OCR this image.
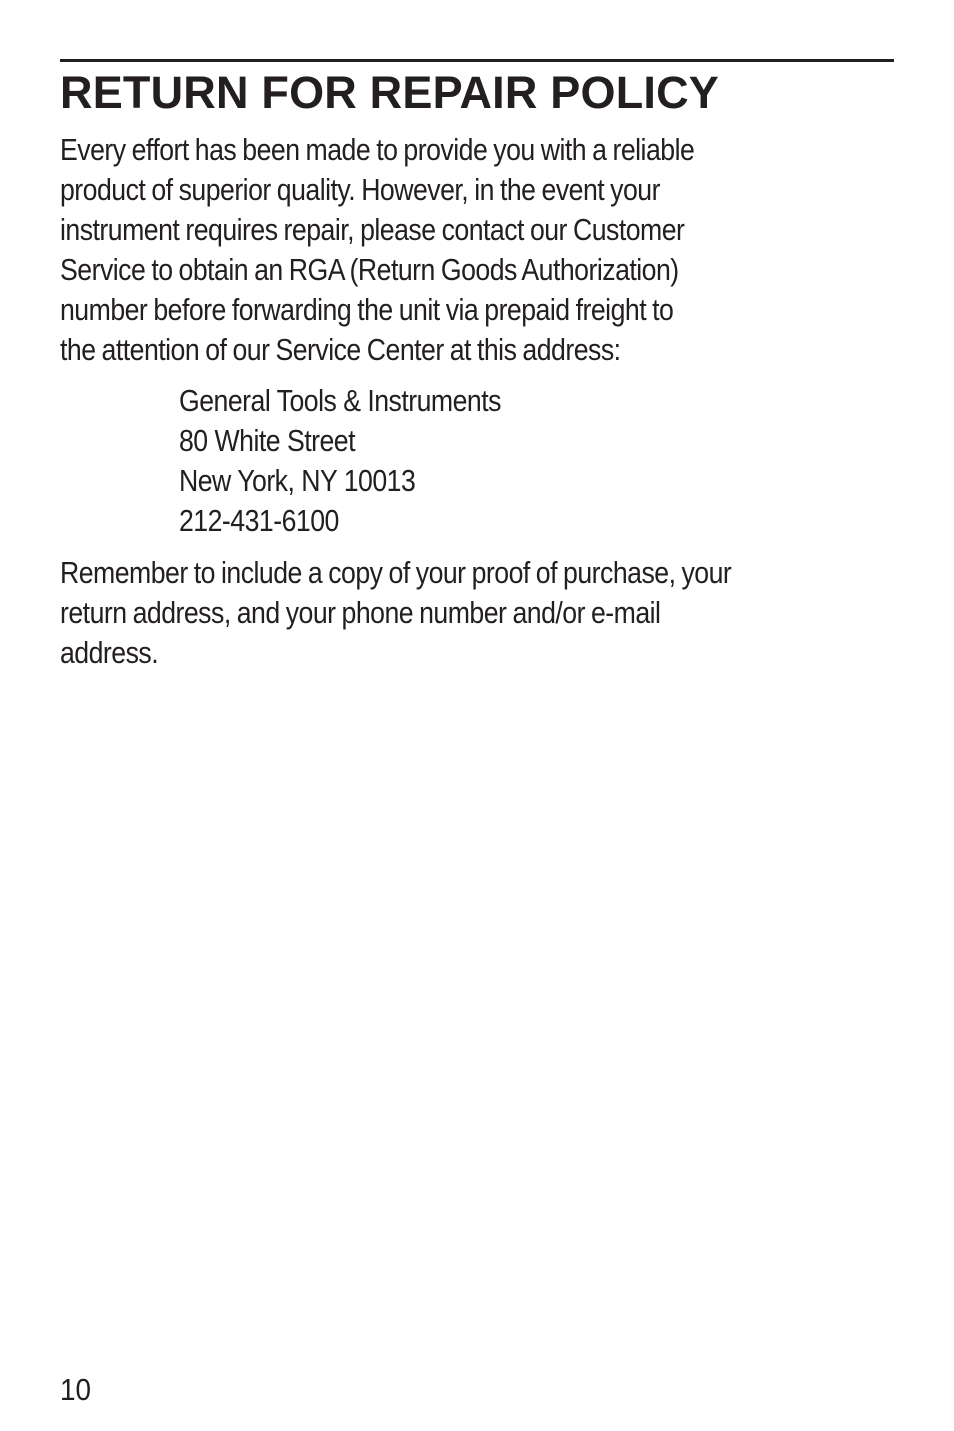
RETURN FOR REPAIR POLICY

Every effort has been made to provide you with a reliable
product of superior quality. However, in the event your
instrument requires repair, please contact our Customer
Service to obtain an RGA (Return Goods Authorization)
number before forwarding the unit via prepaid freight to
the attention of our Service Center at this address:

General Tools & Instruments
80 White Street
New York, NY 10013
212-431-6100

Remember to include a copy of your proof of purchase, your
return address, and your phone number and/or e-mail
address.

10
